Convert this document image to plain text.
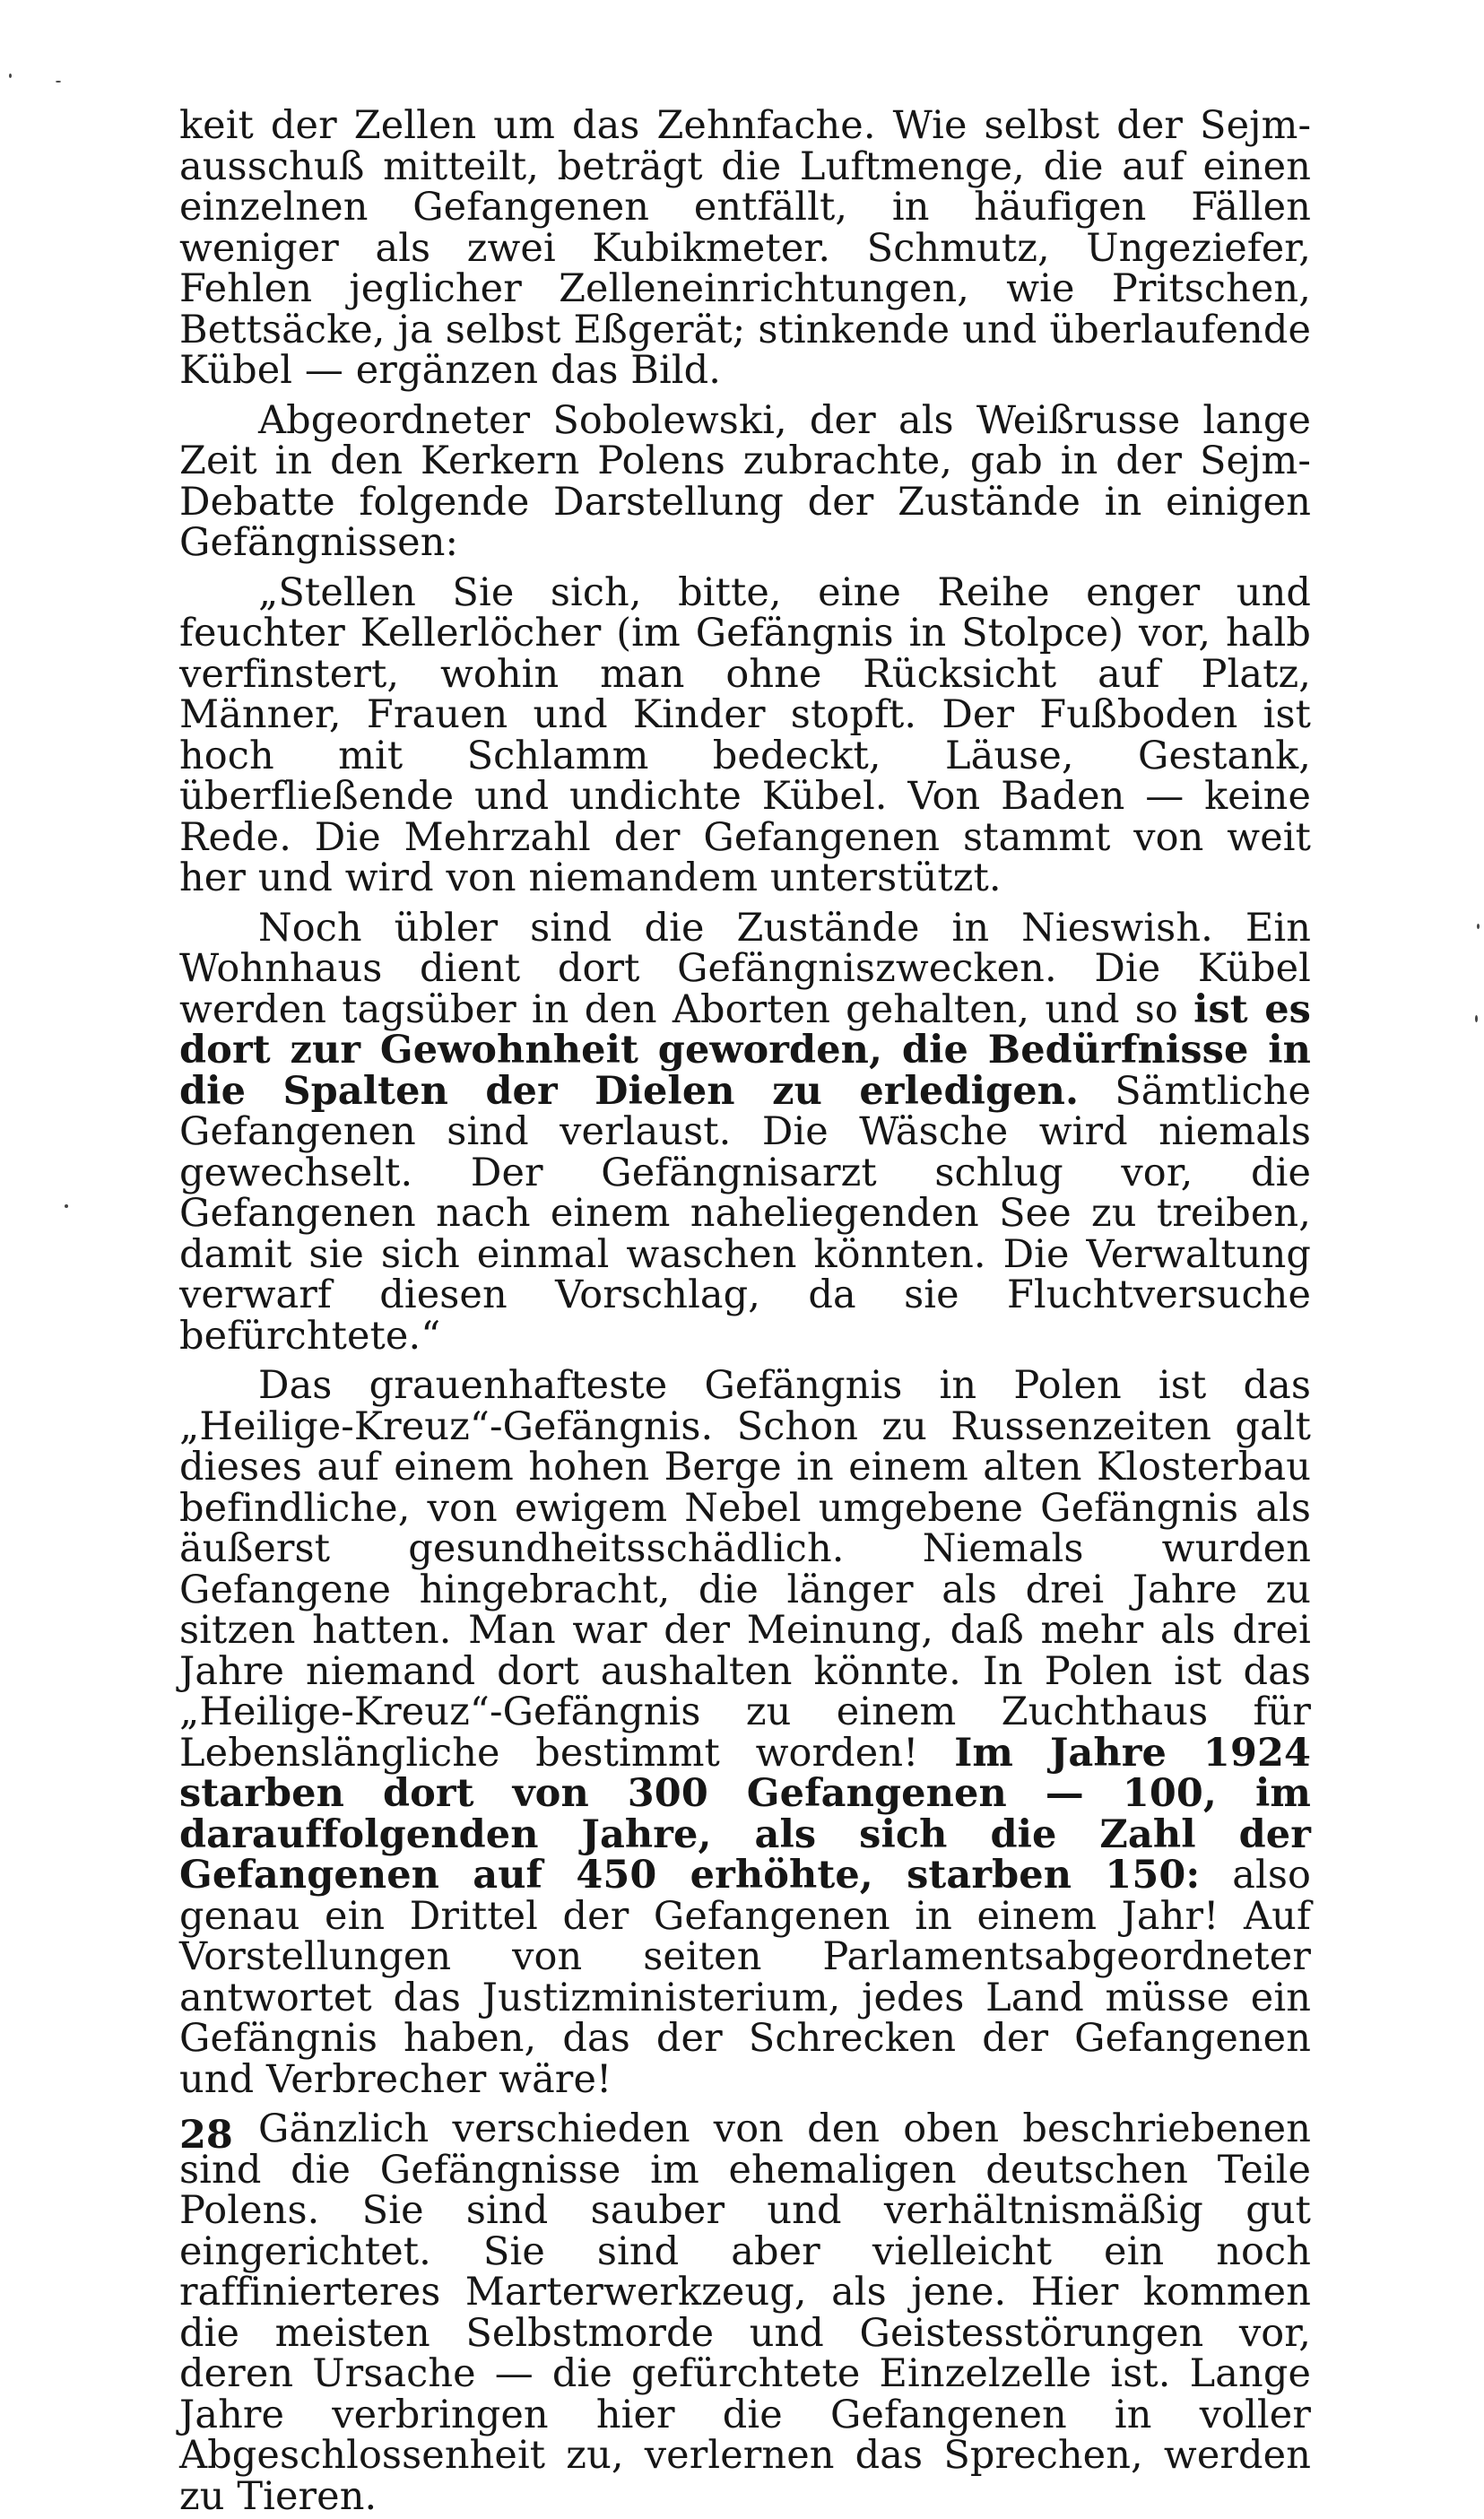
keit der Zellen um das Zehnfache. Wie selbst der Sejmausschuß mitteilt, beträgt die Luftmenge, die auf einen einzelnen Gefangenen entfällt, in häufigen Fällen weniger als zwei Kubikmeter. Schmutz, Ungeziefer, Fehlen jeglicher Zelleneinrichtungen, wie Pritschen, Bettsäcke, ja selbst Eßgerät; stinkende und überlaufende Kübel — ergänzen das Bild.

Abgeordneter Sobolewski, der als Weißrusse lange Zeit in den Kerkern Polens zubrachte, gab in der Sejm-Debatte folgende Darstellung der Zustände in einigen Gefängnissen:

„Stellen Sie sich, bitte, eine Reihe enger und feuchter Kellerlöcher (im Gefängnis in Stolpce) vor, halb verfinstert, wohin man ohne Rücksicht auf Platz, Männer, Frauen und Kinder stopft. Der Fußboden ist hoch mit Schlamm bedeckt, Läuse, Gestank, überfließende und undichte Kübel. Von Baden — keine Rede. Die Mehrzahl der Gefangenen stammt von weit her und wird von niemandem unterstützt.

Noch übler sind die Zustände in Nieswish. Ein Wohnhaus dient dort Gefängniszwecken. Die Kübel werden tagsüber in den Aborten gehalten, und so ist es dort zur Gewohnheit geworden, die Bedürfnisse in die Spalten der Dielen zu erledigen. Sämtliche Gefangenen sind verlaust. Die Wäsche wird niemals gewechselt. Der Gefängnisarzt schlug vor, die Gefangenen nach einem naheliegenden See zu treiben, damit sie sich einmal waschen könnten. Die Verwaltung verwarf diesen Vorschlag, da sie Fluchtversuche befürchtete.“

Das grauenhafteste Gefängnis in Polen ist das „Heilige-Kreuz“-Gefängnis. Schon zu Russenzeiten galt dieses auf einem hohen Berge in einem alten Klosterbau befindliche, von ewigem Nebel umgebene Gefängnis als äußerst gesundheitsschädlich. Niemals wurden Gefangene hingebracht, die länger als drei Jahre zu sitzen hatten. Man war der Meinung, daß mehr als drei Jahre niemand dort aushalten könnte. In Polen ist das „Heilige-Kreuz“-Gefängnis zu einem Zuchthaus für Lebenslängliche bestimmt worden! Im Jahre 1924 starben dort von 300 Gefangenen — 100, im darauffolgenden Jahre, als sich die Zahl der Gefangenen auf 450 erhöhte, starben 150: also genau ein Drittel der Gefangenen in einem Jahr! Auf Vorstellungen von seiten Parlamentsabgeordneter antwortet das Justizministerium, jedes Land müsse ein Gefängnis haben, das der Schrecken der Gefangenen und Verbrecher wäre!

Gänzlich verschieden von den oben beschriebenen sind die Gefängnisse im ehemaligen deutschen Teile Polens. Sie sind sauber und verhältnismäßig gut eingerichtet. Sie sind aber vielleicht ein noch raffinierteres Marterwerkzeug, als jene. Hier kommen die meisten Selbstmorde und Geistesstörungen vor, deren Ursache — die gefürchtete Einzelzelle ist. Lange Jahre verbringen hier die Gefangenen in voller Abgeschlossenheit zu, verlernen das Sprechen, werden zu Tieren.

28
